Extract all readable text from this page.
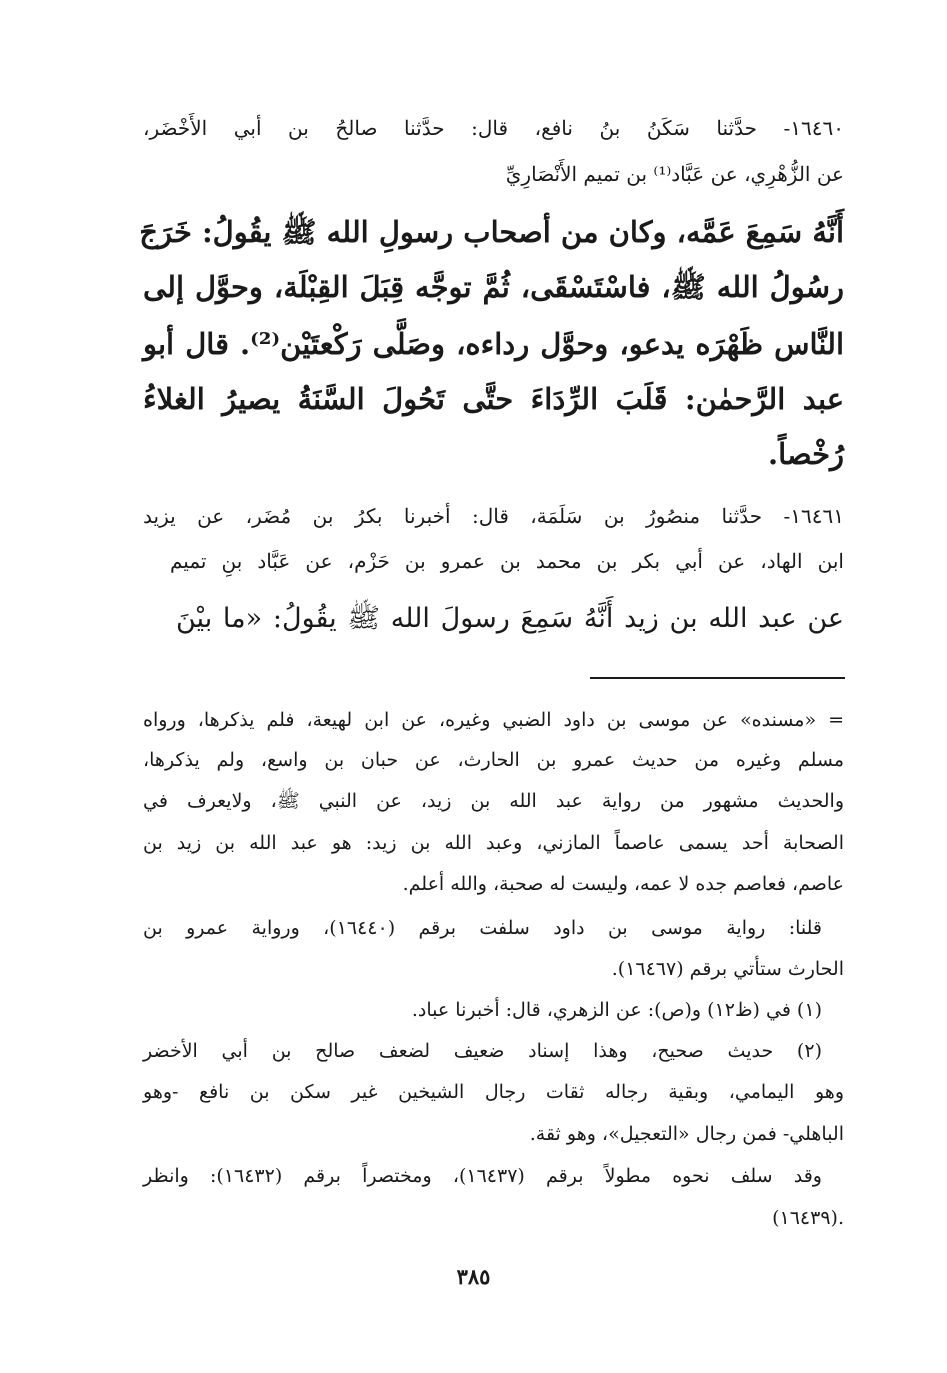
١٦٤٦٠- حدَّثنا سَكَنُ بنُ نافع، قال: حدَّثنا صالحُ بن أبي الأَخْضَر،
عن الزُّهْرِي، عن عَبَّاد⁽¹⁾ بن تميم الأَنْصَارِيِّ
أَنَّهُ سَمِعَ عَمَّه، وكان من أصحاب رسولِ الله ﷺ يقُولُ: خَرَجَ
رسُولُ الله ﷺ، فاسْتَسْقَى، ثُمَّ توجَّه قِبَلَ القِبْلَة، وحوَّل إلى
النَّاس ظَهْرَه يدعو، وحوَّل رداءه، وصَلَّى رَكْعتَيْن⁽²⁾. قال أبو
عبد الرَّحمٰن: قَلَبَ الرِّدَاءَ حتَّى تَحُولَ السَّنَةُ يصيرُ الغلاءُ
رُخْصاً.
١٦٤٦١- حدَّثنا منصُورُ بن سَلَمَة، قال: أخبرنا بكرُ بن مُضَر، عن يزيد
ابن الهاد، عن أبي بكر بن محمد بن عمرو بن حَزْم، عن عَبَّاد بنِ تميم
عن عبد الله بن زيد أَنَّهُ سَمِعَ رسولَ الله ﷺ يقُولُ: «ما بيْنَ
= «مسنده» عن موسى بن داود الضبي وغيره، عن ابن لهيعة، فلم يذكرها، ورواه
مسلم وغيره من حديث عمرو بن الحارث، عن حبان بن واسع، ولم يذكرها،
والحديث مشهور من رواية عبد الله بن زيد، عن النبي ﷺ، ولايعرف في
الصحابة أحد يسمى عاصماً المازني، وعبد الله بن زيد: هو عبد الله بن زيد بن
عاصم، فعاصم جده لا عمه، وليست له صحبة، والله أعلم.
قلنا: رواية موسى بن داود سلفت برقم (١٦٤٤٠)، ورواية عمرو بن
الحارث ستأتي برقم (١٦٤٦٧).
(١) في (ظ١٢) و(ص): عن الزهري، قال: أخبرنا عباد.
(٢) حديث صحيح، وهذا إسناد ضعيف لضعف صالح بن أبي الأخضر
وهو اليمامي، وبقية رجاله ثقات رجال الشيخين غير سكن بن نافع -وهو
الباهلي- فمن رجال «التعجيل»، وهو ثقة.
وقد سلف نحوه مطولاً برقم (١٦٤٣٧)، ومختصراً برقم (١٦٤٣٢): وانظر
(١٦٤٣٩).
٣٨٥
